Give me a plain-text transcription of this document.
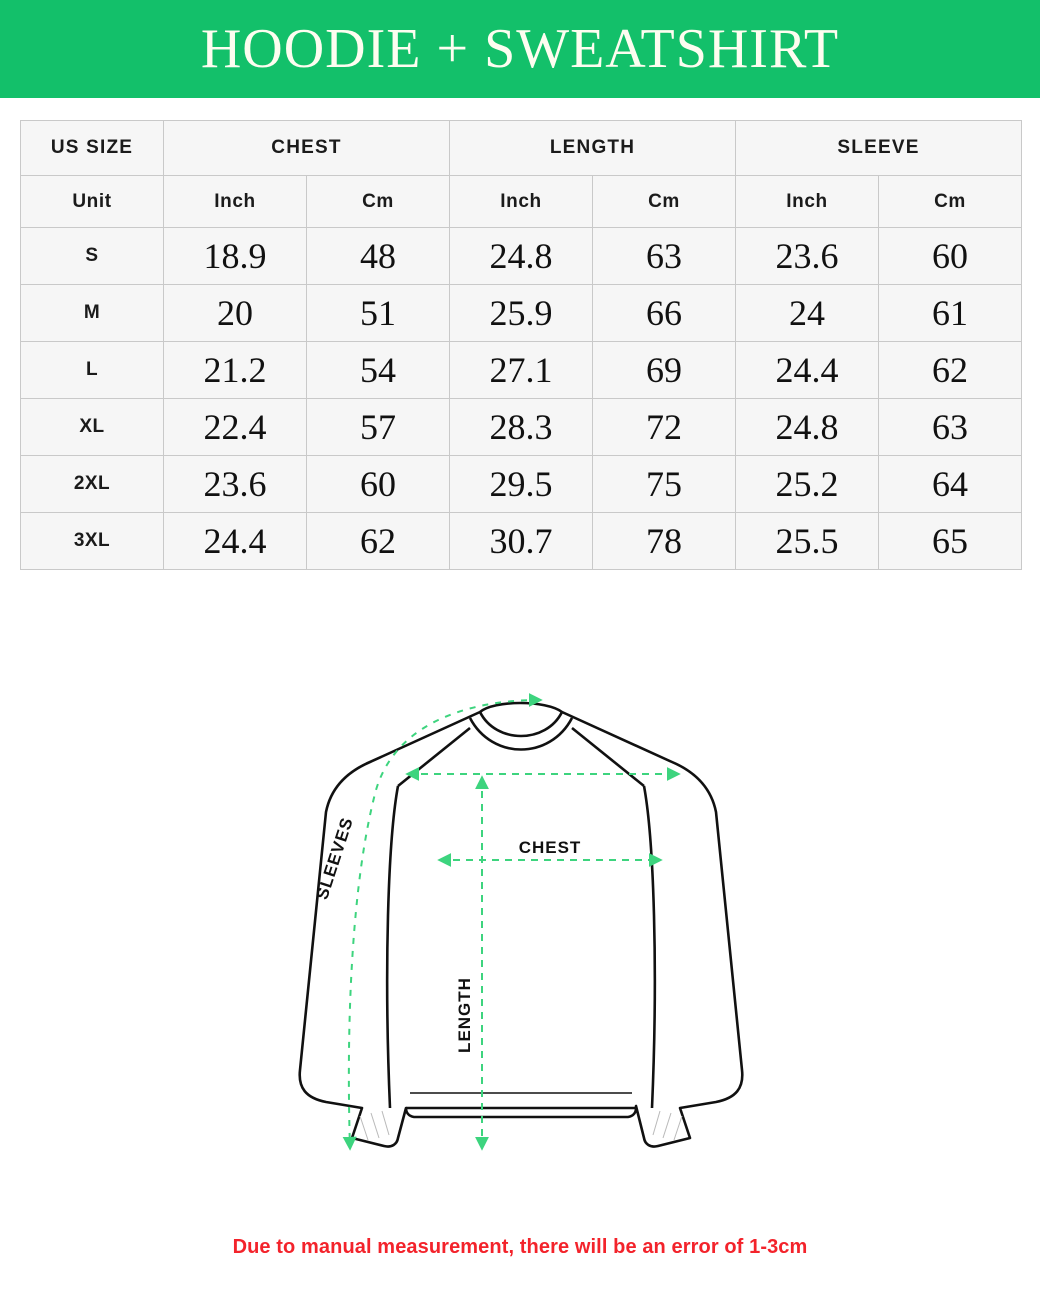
HOODIE + SWEATSHIRT
US SIZE	CHEST		LENGTH		SLEEVE	
Unit	Inch	Cm	Inch	Cm	Inch	Cm
S	18.9	48	24.8	63	23.6	60
M	20	51	25.9	66	24	61
L	21.2	54	27.1	69	24.4	62
XL	22.4	57	28.3	72	24.8	63
2XL	23.6	60	29.5	75	25.2	64
3XL	24.4	62	30.7	78	25.5	65
CHEST
LENGTH
SLEEVES
Due to manual measurement, there will be an error of 1-3cm
